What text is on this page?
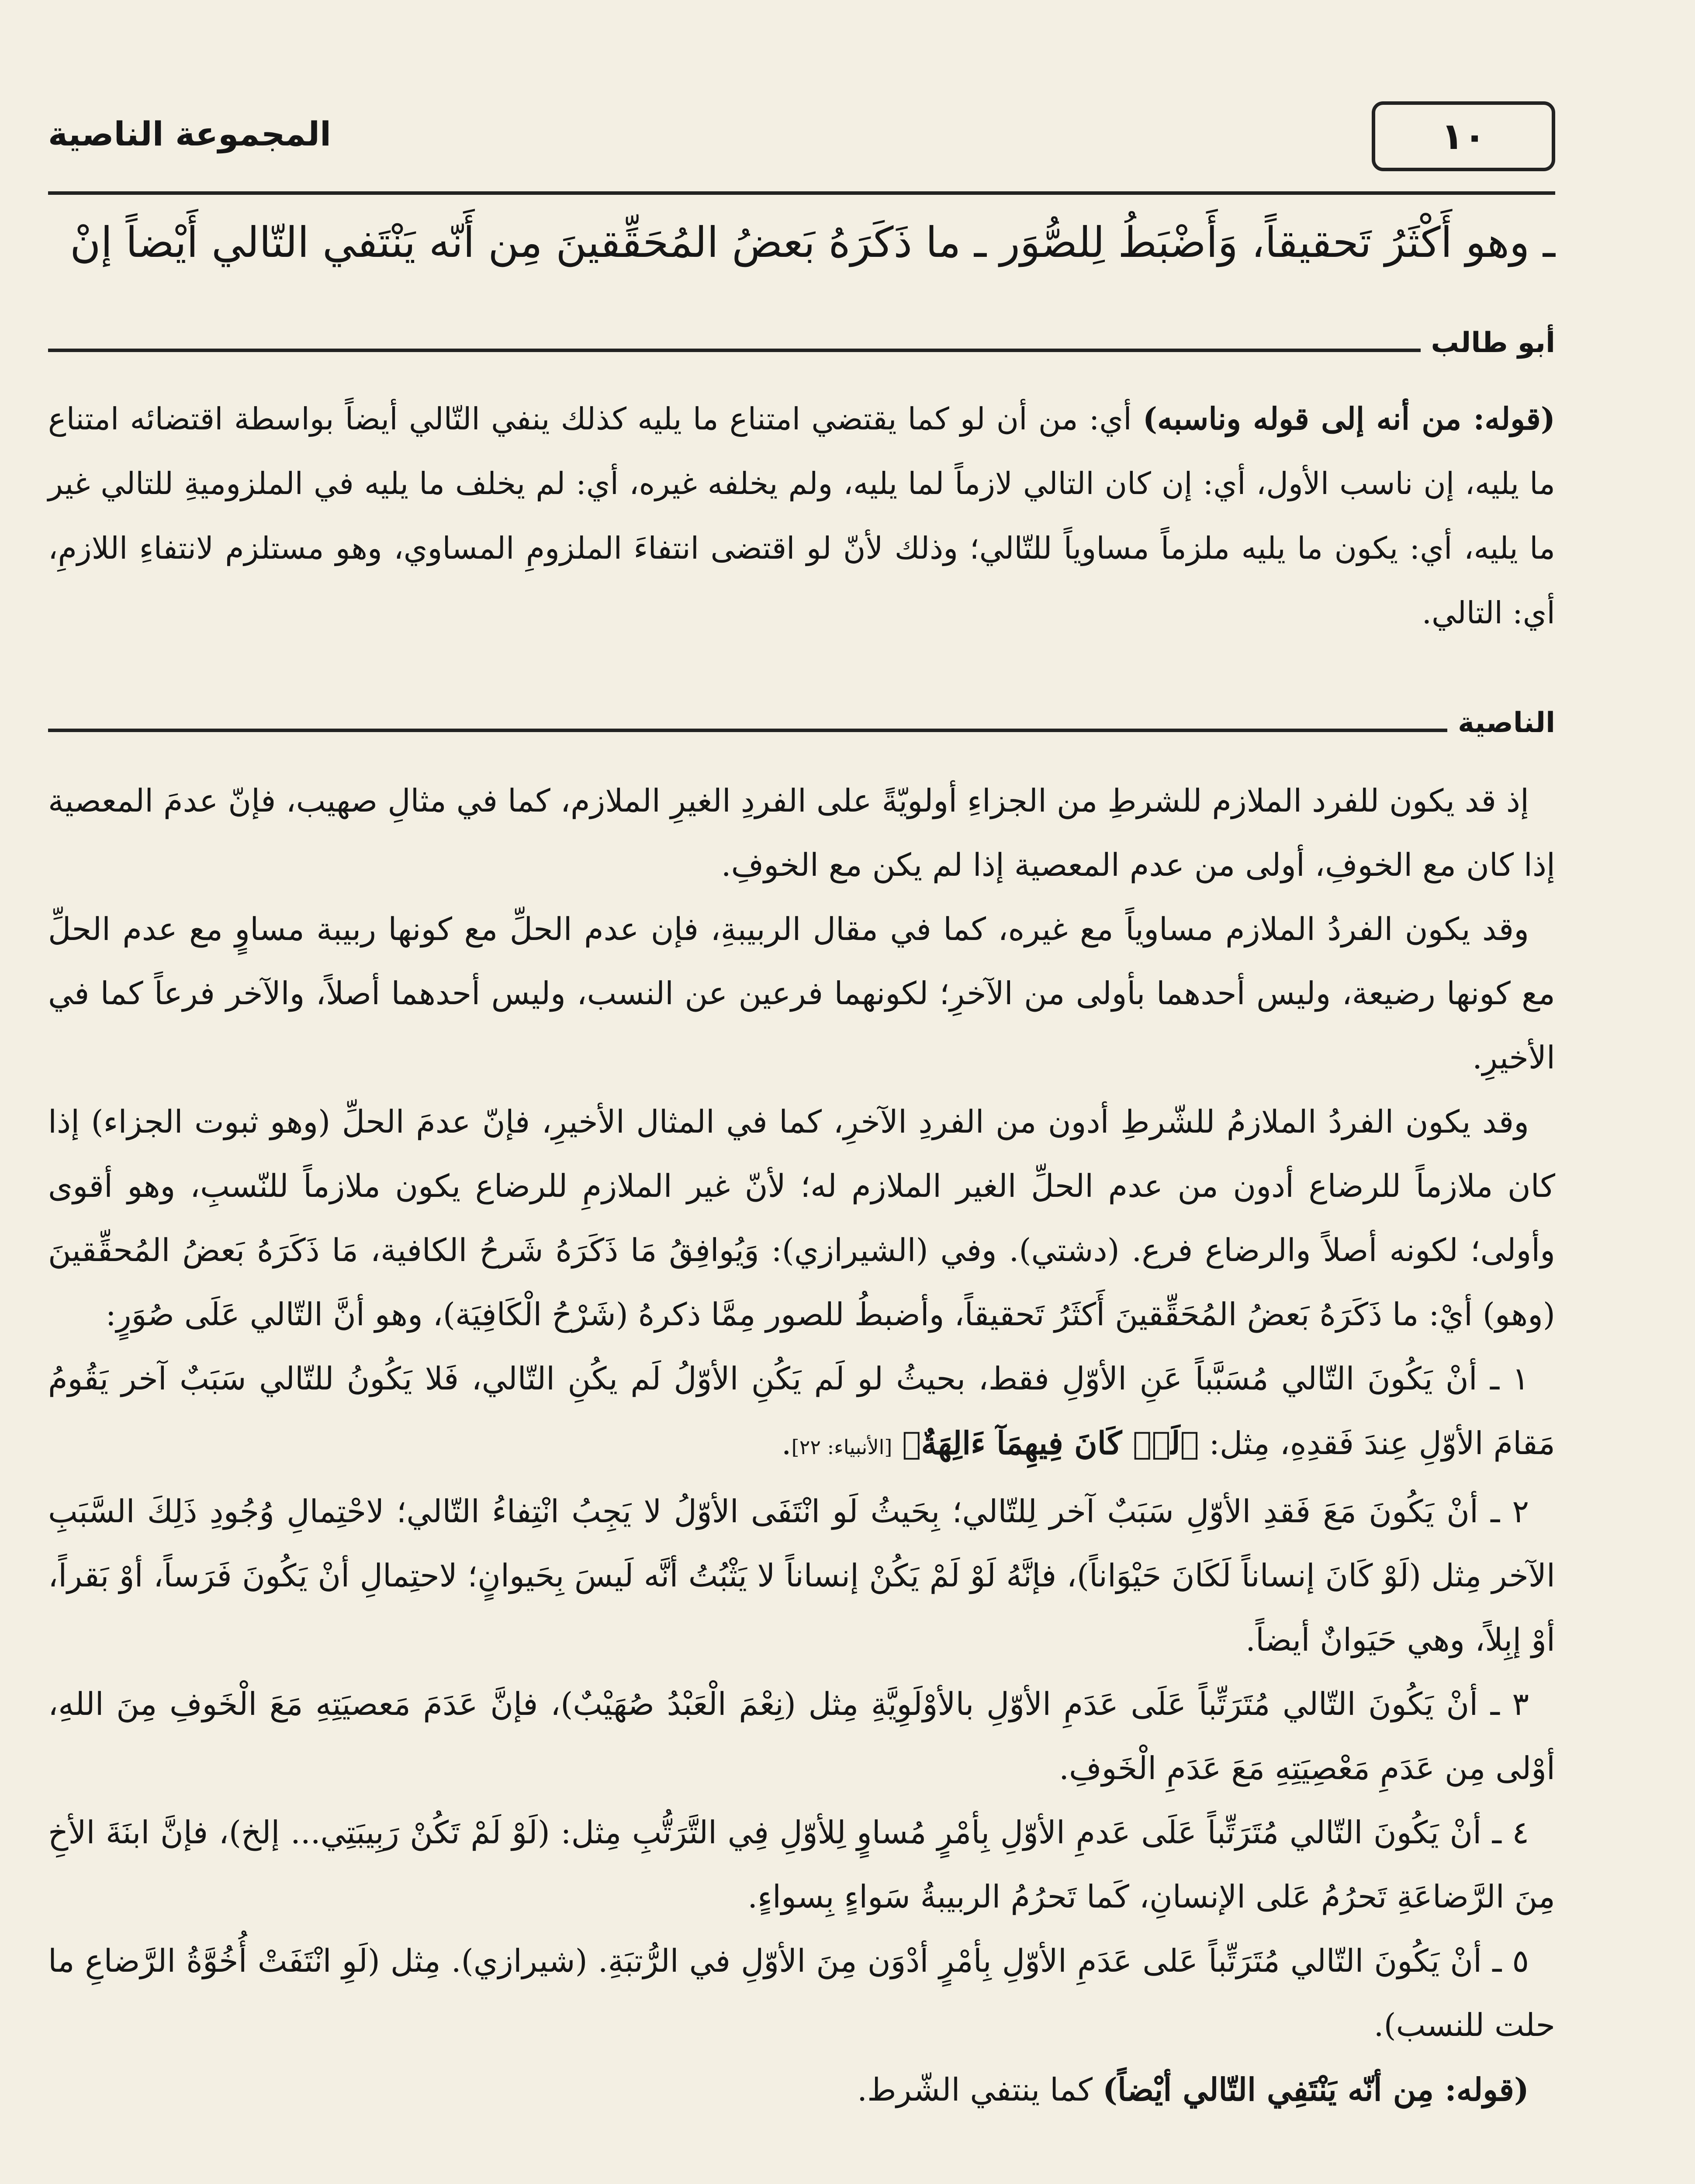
١٠
المجموعة الناصية
ـ وهو أَكْثَرُ تَحقيقاً، وَأَضْبَطُ لِلصُّوَر ـ ما ذَكَرَهُ بَعضُ المُحَقِّقينَ مِن أَنّه يَنْتَفي التّالي أَيْضاً إنْ
أبو طالب

(قوله: من أنه إلى قوله وناسبه) أي: من أن لو كما يقتضي امتناع ما يليه كذلك ينفي التّالي أيضاً بواسطة اقتضائه امتناع ما يليه، إن ناسب الأول، أي: إن كان التالي لازماً لما يليه، ولم يخلفه غيره، أي: لم يخلف ما يليه في الملزوميةِ للتالي غير ما يليه، أي: يكون ما يليه ملزماً مساوياً للتّالي؛ وذلك لأنّ لو اقتضى انتفاءَ الملزومِ المساوي، وهو مستلزم لانتفاءِ اللازمِ، أي: التالي.

الناصية

إذ قد يكون للفرد الملازم للشرطِ من الجزاءِ أولويّةً على الفردِ الغيرِ الملازم، كما في مثالِ صهيب، فإنّ عدمَ المعصية إذا كان مع الخوفِ، أولى من عدم المعصية إذا لم يكن مع الخوفِ.

وقد يكون الفردُ الملازم مساوياً مع غيره، كما في مقال الربيبةِ، فإن عدم الحلِّ مع كونها ربيبة مساوٍ مع عدم الحلِّ مع كونها رضيعة، وليس أحدهما بأولى من الآخرِ؛ لكونهما فرعين عن النسب، وليس أحدهما أصلاً، والآخر فرعاً كما في الأخيرِ.

وقد يكون الفردُ الملازمُ للشّرطِ أدون من الفردِ الآخرِ، كما في المثال الأخيرِ، فإنّ عدمَ الحلِّ (وهو ثبوت الجزاء) إذا كان ملازماً للرضاع أدون من عدم الحلِّ الغير الملازم له؛ لأنّ غير الملازمِ للرضاع يكون ملازماً للنّسبِ، وهو أقوى وأولى؛ لكونه أصلاً والرضاع فرع. (دشتي). وفي (الشيرازي): وَيُوافِقُ مَا ذَكَرَهُ شَرحُ الكافية، مَا ذَكَرَهُ بَعضُ المُحقِّقينَ (وهو) أيْ: ما ذَكَرَهُ بَعضُ المُحَقِّقينَ أَكثَرُ تَحقيقاً، وأضبطُ للصور مِمَّا ذكرهُ (شَرْحُ الْكَافِيَة)، وهو أنَّ التّالي عَلَى صُوَرٍ:

١ ـ أنْ يَكُونَ التّالي مُسَبَّباً عَنِ الأوّلِ فقط، بحيثُ لو لَم يَكُنِ الأوّلُ لَم يكُنِ التّالي، فَلا يَكُونُ للتّالي سَبَبٌ آخر يَقُومُ مَقامَ الأوّلِ عِندَ فَقدِهِ، مِثل: ﴿لَوۡ كَانَ فِيهِمَآ ءَالِهَةٌ﴾ [الأنبياء: ٢٢].

٢ ـ أنْ يَكُونَ مَعَ فَقدِ الأوّلِ سَبَبٌ آخر لِلتّالي؛ بِحَيثُ لَو انْتَفَى الأوّلُ لا يَجِبُ انْتِفاءُ التّالي؛ لاحْتِمالِ وُجُودِ ذَلِكَ السَّبَبِ الآخر مِثل (لَوْ كَانَ إنساناً لَكَانَ حَيْوَاناً)، فإنَّهُ لَوْ لَمْ يَكُنْ إنساناً لا يَثْبُتُ أنَّه لَيسَ بِحَيوانٍ؛ لاحتِمالِ أنْ يَكُونَ فَرَساً، أوْ بَقراً، أوْ إبِلاً، وهي حَيَوانٌ أيضاً.

٣ ـ أنْ يَكُونَ التّالي مُتَرَتِّباً عَلَى عَدَمِ الأوّلِ بالأوْلَوِيَّةِ مِثل (نِعْمَ الْعَبْدُ صُهَيْبٌ)، فإنَّ عَدَمَ مَعصيَتِهِ مَعَ الْخَوفِ مِنَ اللهِ، أوْلى مِن عَدَمِ مَعْصِيَتِهِ مَعَ عَدَمِ الْخَوفِ.

٤ ـ أنْ يَكُونَ التّالي مُتَرَتِّباً عَلَى عَدمِ الأوّلِ بِأمْرٍ مُساوٍ لِلأوّلِ فِي التَّرَتُّبِ مِثل: (لَوْ لَمْ تَكُنْ رَبِيبَتِي... إلخ)، فإنَّ ابنَةَ الأخِ مِنَ الرَّضاعَةِ تَحرُمُ عَلى الإنسانِ، كَما تَحرُمُ الربيبةُ سَواءٍ بِسواءٍ.

٥ ـ أنْ يَكُونَ التّالي مُتَرَتِّباً عَلى عَدَمِ الأوّلِ بِأمْرٍ أدْوَن مِنَ الأوّلِ في الرُّتبَةِ. (شيرازي). مِثل (لَوِ انْتَفَتْ أُخُوَّةُ الرَّضاعِ ما حلت للنسب).

(قوله: مِن أنّه يَنْتَفِي التّالي أيْضاً) كما ينتفي الشّرط.
